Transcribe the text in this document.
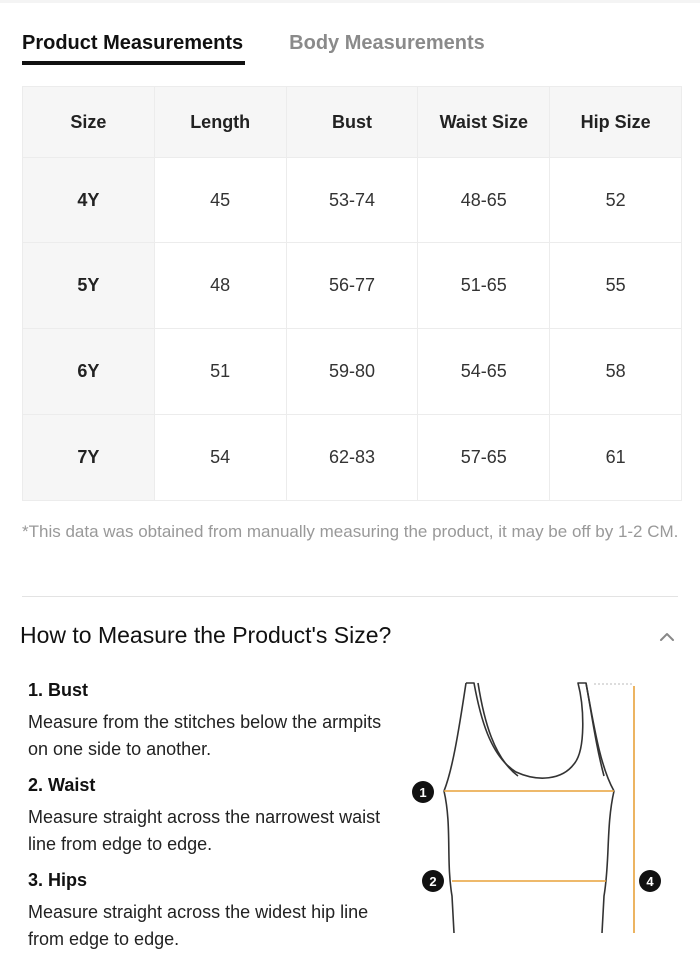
Product Measurements Body Measurements
Size	Length	Bust	Waist Size	Hip Size
4Y	45	53-74	48-65	52
5Y	48	56-77	51-65	55
6Y	51	59-80	54-65	58
7Y	54	62-83	57-65	61
*This data was obtained from manually measuring the product, it may be off by 1-2 CM.
How to Measure the Product's Size?
1. Bust
Measure from the stitches below the armpits on one side to another.
2. Waist
Measure straight across the narrowest waist line from edge to edge.
3. Hips
Measure straight across the widest hip line from edge to edge.
1
2	4
